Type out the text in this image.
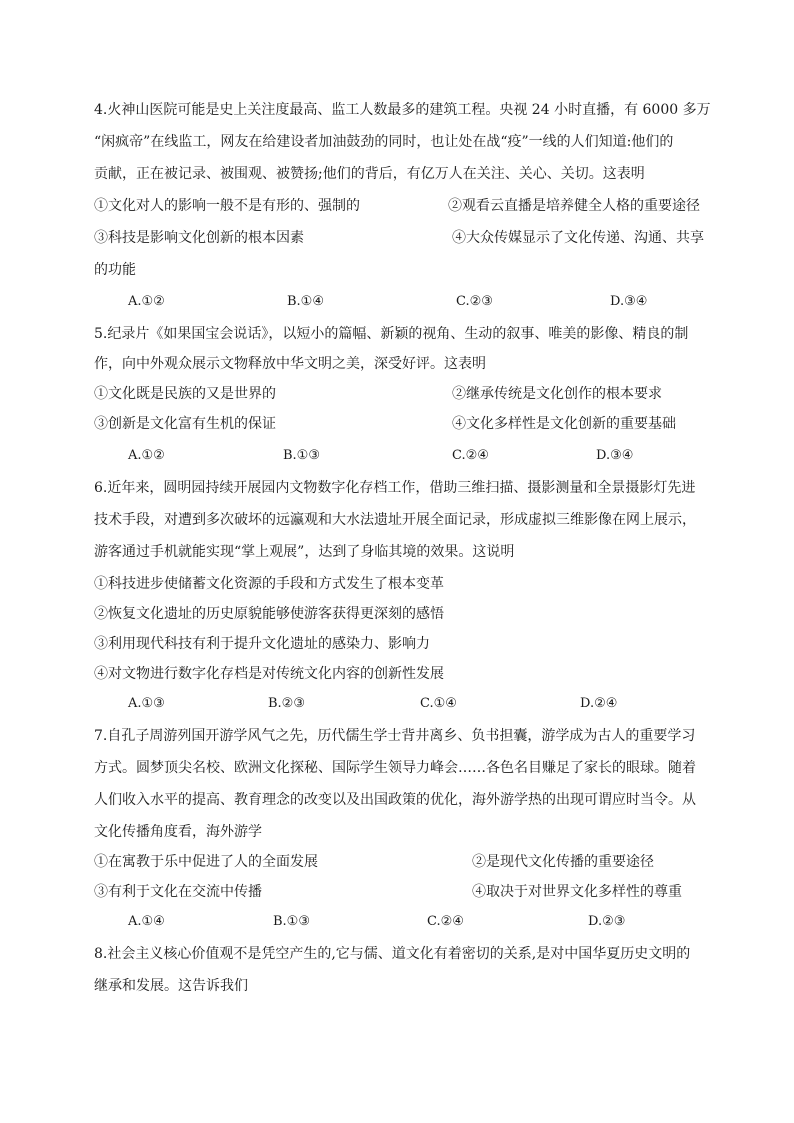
4.火神山医院可能是史上关注度最高、监工人数最多的建筑工程。央视 24 小时直播，有 6000 多万
“闲疯帝”在线监工，网友在给建设者加油鼓劲的同时，也让处在战“疫”一线的人们知道:他们的
贡献，正在被记录、被围观、被赞扬;他们的背后，有亿万人在关注、关心、关切。这表明
①文化对人的影响一般不是有形的、强制的	②观看云直播是培养健全人格的重要途径
③科技是影响文化创新的根本因素	④大众传媒显示了文化传递、沟通、共享
的功能
A.①②	B.①④	C.②③	D.③④
5.纪录片《如果国宝会说话》，以短小的篇幅、新颖的视角、生动的叙事、唯美的影像、精良的制
作，向中外观众展示文物释放中华文明之美，深受好评。这表明
①文化既是民族的又是世界的	②继承传统是文化创作的根本要求
③创新是文化富有生机的保证	④文化多样性是文化创新的重要基础
A.①②	B.①③	C.②④	D.③④
6.近年来，圆明园持续开展园内文物数字化存档工作，借助三维扫描、摄影测量和全景摄影灯先进
技术手段，对遭到多次破坏的远瀛观和大水法遗址开展全面记录，形成虚拟三维影像在网上展示，
游客通过手机就能实现“掌上观展”，达到了身临其境的效果。这说明
①科技进步使储蓄文化资源的手段和方式发生了根本变革
②恢复文化遗址的历史原貌能够使游客获得更深刻的感悟
③利用现代科技有利于提升文化遗址的感染力、影响力
④对文物进行数字化存档是对传统文化内容的创新性发展
A.①③	B.②③	C.①④	D.②④
7.自孔子周游列国开游学风气之先，历代儒生学士背井离乡、负书担囊，游学成为古人的重要学习
方式。圆梦顶尖名校、欧洲文化探秘、国际学生领导力峰会……各色名目赚足了家长的眼球。随着
人们收入水平的提高、教育理念的改变以及出国政策的优化，海外游学热的出现可谓应时当令。从
文化传播角度看，海外游学
①在寓教于乐中促进了人的全面发展	②是现代文化传播的重要途径
③有利于文化在交流中传播	④取决于对世界文化多样性的尊重
A.①④	B.①③	C.②④	D.②③
8.社会主义核心价值观不是凭空产生的,它与儒、道文化有着密切的关系,是对中国华夏历史文明的
继承和发展。这告诉我们
